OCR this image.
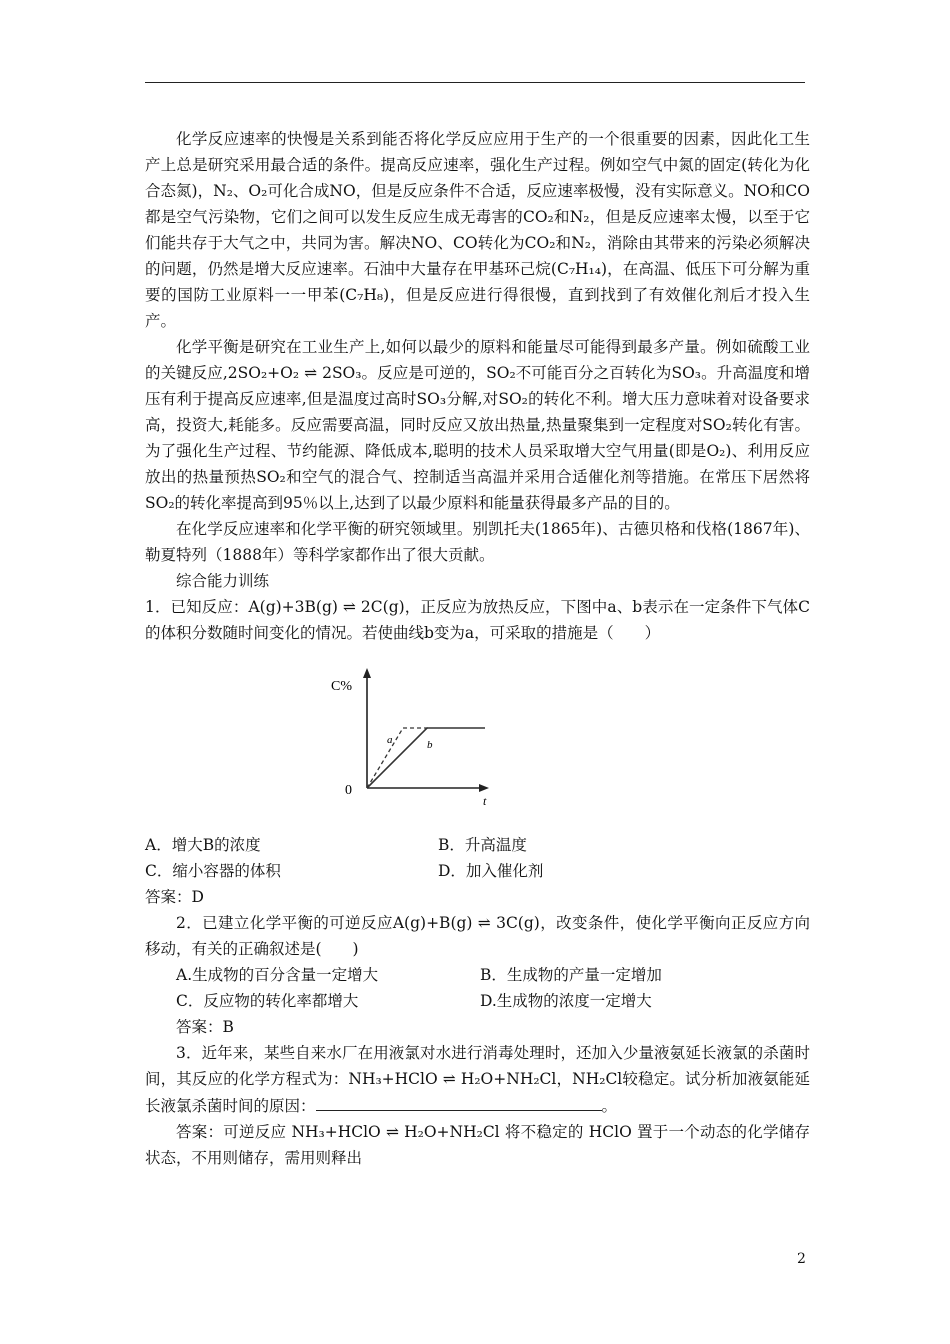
化学反应速率的快慢是关系到能否将化学反应应用于生产的一个很重要的因素，因此化工生产上总是研究采用最合适的条件。提高反应速率，强化生产过程。例如空气中氮的固定(转化为化合态氮)，N₂、O₂可化合成NO，但是反应条件不合适，反应速率极慢，没有实际意义。NO和CO都是空气污染物，它们之间可以发生反应生成无毒害的CO₂和N₂，但是反应速率太慢，以至于它们能共存于大气之中，共同为害。解决NO、CO转化为CO₂和N₂，消除由其带来的污染必须解决的问题，仍然是增大反应速率。石油中大量存在甲基环己烷(C₇H₁₄)，在高温、低压下可分解为重要的国防工业原料一一甲苯(C₇H₈)，但是反应进行得很慢，直到找到了有效催化剂后才投入生产。

化学平衡是研究在工业生产上,如何以最少的原料和能量尽可能得到最多产量。例如硫酸工业的关键反应,2SO₂+O₂ ⇌ 2SO₃。反应是可逆的，SO₂不可能百分之百转化为SO₃。升高温度和增压有利于提高反应速率,但是温度过高时SO₃分解,对SO₂的转化不利。增大压力意味着对设备要求高，投资大,耗能多。反应需要高温，同时反应又放出热量,热量聚集到一定程度对SO₂转化有害。为了强化生产过程、节约能源、降低成本,聪明的技术人员采取增大空气用量(即是O₂)、利用反应放出的热量预热SO₂和空气的混合气、控制适当高温并采用合适催化剂等措施。在常压下居然将SO₂的转化率提高到95％以上,达到了以最少原料和能量获得最多产品的目的。

在化学反应速率和化学平衡的研究领域里。别凯托夫(1865年)、古德贝格和伐格(1867年)、勒夏特列（1888年）等科学家都作出了很大贡献。

综合能力训练

1．已知反应：A(g)+3B(g) ⇌ 2C(g)，正反应为放热反应，下图中a、b表示在一定条件下气体C的体积分数随时间变化的情况。若使曲线b变为a，可采取的措施是（　　）

C%
0
t
a	b
A．增大B的浓度	B．升高温度
C．缩小容器的体积	D．加入催化剂

答案：D

2．已建立化学平衡的可逆反应A(g)+B(g) ⇌ 3C(g)，改变条件，使化学平衡向正反应方向移动，有关的正确叙述是(　　)

A.生成物的百分含量一定增大	B．生成物的产量一定增加
C．反应物的转化率都增大	D.生成物的浓度一定增大

答案：B

3．近年来，某些自来水厂在用液氯对水进行消毒处理时，还加入少量液氨延长液氯的杀菌时间，其反应的化学方程式为：NH₃+HClO ⇌ H₂O+NH₂Cl，NH₂Cl较稳定。试分析加液氨能延长液氯杀菌时间的原因：	。

答案：可逆反应 NH₃+HClO ⇌ H₂O+NH₂Cl 将不稳定的 HClO 置于一个动态的化学储存状态，不用则储存，需用则释出

2
